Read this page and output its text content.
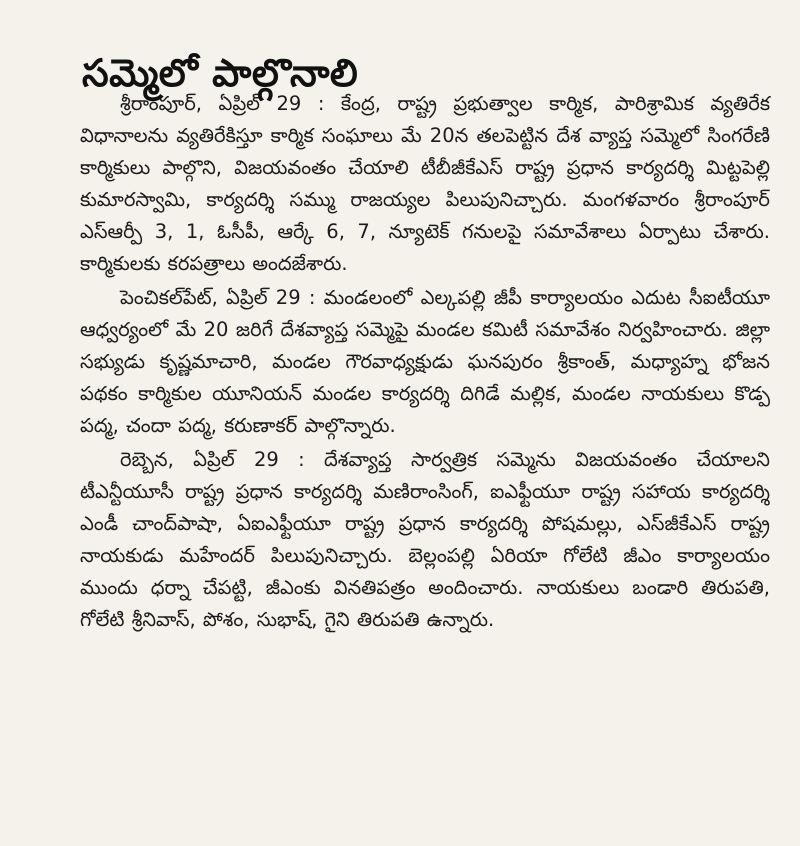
సమ్మెలో పాల్గొనాలి

శ్రీరాంపూర్, ఏప్రిల్ 29 : కేంద్ర, రాష్ట్ర ప్రభుత్వాల కార్మిక, పారిశ్రామిక వ్యతిరేక విధానాలను వ్యతిరేకిస్తూ కార్మిక సంఘాలు మే 20న తలపెట్టిన దేశ వ్యాప్త సమ్మెలో సింగరేణి కార్మికులు పాల్గొని, విజయవంతం చేయాలి టీబీజీకేఎస్ రాష్ట్ర ప్రధాన కార్యదర్శి మిట్టపెల్లి కుమారస్వామి, కార్యదర్శి సమ్ము రాజయ్యల పిలుపునిచ్చారు. మంగళవారం శ్రీరాంపూర్ ఎస్ఆర్పీ 3, 1, ఓసీపీ, ఆర్కే 6, 7, న్యూటెక్ గనులపై సమావేశాలు ఏర్పాటు చేశారు. కార్మికులకు కరపత్రాలు అందజేశారు.

పెంచికల్‌పేట్, ఏప్రిల్ 29 : మండలంలో ఎల్కపల్లి జీపీ కార్యాలయం ఎదుట సీఐటీయూ ఆధ్వర్యంలో మే 20 జరిగే దేశవ్యాప్త సమ్మెపై మండల కమిటీ సమావేశం నిర్వహించారు. జిల్లా సభ్యుడు కృష్ణమాచారి, మండల గౌరవాధ్యక్షుడు ఘనపురం శ్రీకాంత్, మధ్యాహ్న భోజన పథకం కార్మికుల యూనియన్ మండల కార్యదర్శి దిగిడే మల్లిక, మండల నాయకులు కొడ్ప పద్మ, చందా పద్మ, కరుణాకర్ పాల్గొన్నారు.

రెబ్బెన, ఏప్రిల్ 29 : దేశవ్యాప్త సార్వత్రిక సమ్మెను విజయవంతం చేయాలని టీఎన్టీయూసీ రాష్ట్ర ప్రధాన కార్యదర్శి మణిరాంసింగ్, ఐఎఫ్టీయూ రాష్ట్ర సహాయ కార్యదర్శి ఎండీ చాంద్‌పాషా, ఏఐఎఫ్టీయూ రాష్ట్ర ప్రధాన కార్యదర్శి పోషమల్లు, ఎస్‌జీకేఎస్ రాష్ట్ర నాయకుడు మహేందర్ పిలుపునిచ్చారు. బెల్లంపల్లి ఏరియా గోలేటి జీఎం కార్యాలయం ముందు ధర్నా చేపట్టి, జీఎంకు వినతిపత్రం అందించారు. నాయకులు బండారి తిరుపతి, గోలేటి శ్రీనివాస్, పోశం, సుభాష్, గైని తిరుపతి ఉన్నారు.
